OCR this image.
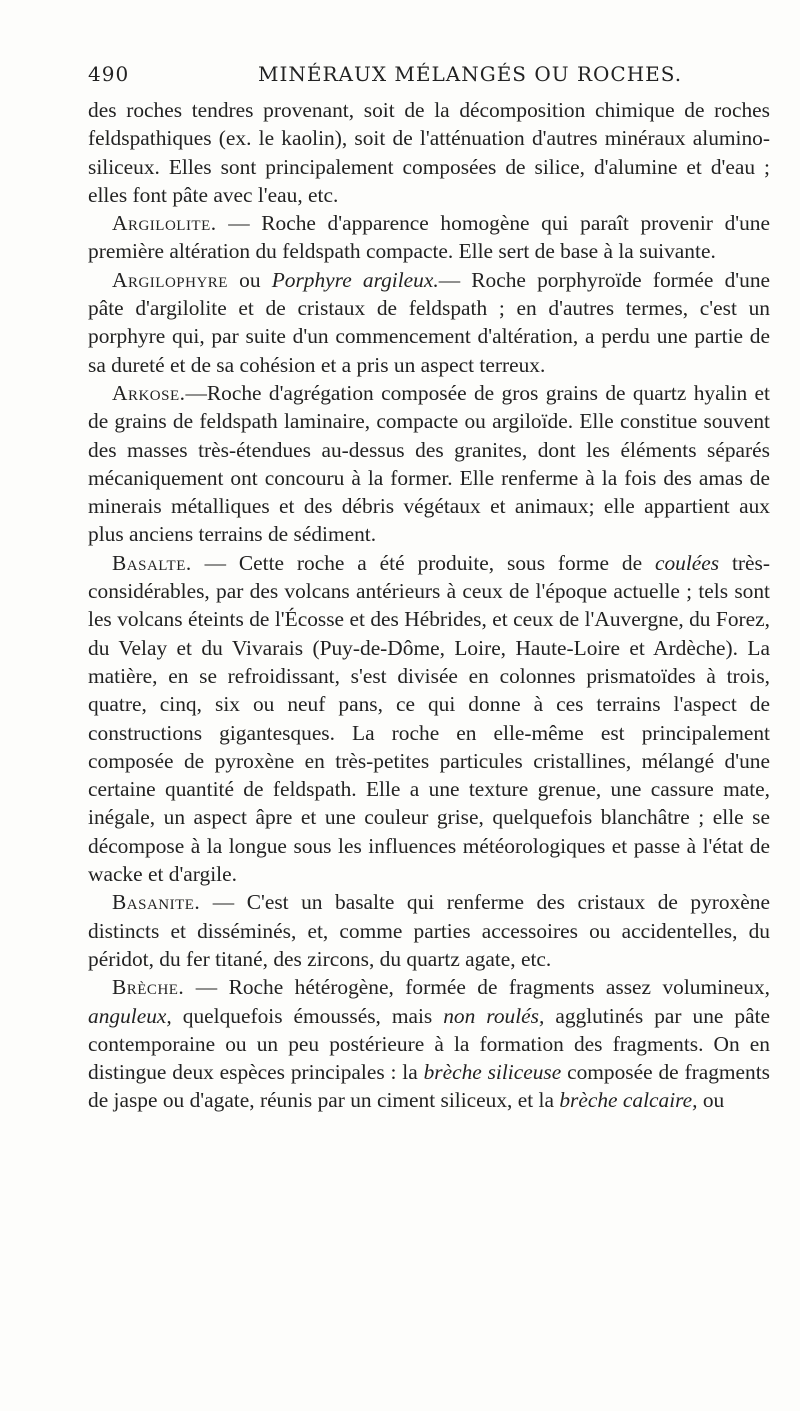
490	MINÉRAUX MÉLANGÉS OU ROCHES.

des roches tendres provenant, soit de la décomposition chimique de roches feldspathiques (ex. le kaolin), soit de l'atténuation d'autres minéraux alumino-siliceux. Elles sont principalement composées de silice, d'alumine et d'eau ; elles font pâte avec l'eau, etc.

Argilolite. — Roche d'apparence homogène qui paraît provenir d'une première altération du feldspath compacte. Elle sert de base à la suivante.

Argilophyre ou Porphyre argileux.— Roche porphyroïde formée d'une pâte d'argilolite et de cristaux de feldspath ; en d'autres termes, c'est un porphyre qui, par suite d'un commencement d'altération, a perdu une partie de sa dureté et de sa cohésion et a pris un aspect terreux.

Arkose.—Roche d'agrégation composée de gros grains de quartz hyalin et de grains de feldspath laminaire, compacte ou argiloïde. Elle constitue souvent des masses très-étendues au-dessus des granites, dont les éléments séparés mécaniquement ont concouru à la former. Elle renferme à la fois des amas de minerais métalliques et des débris végétaux et animaux; elle appartient aux plus anciens terrains de sédiment.

Basalte. — Cette roche a été produite, sous forme de coulées très-considérables, par des volcans antérieurs à ceux de l'époque actuelle ; tels sont les volcans éteints de l'Écosse et des Hébrides, et ceux de l'Auvergne, du Forez, du Velay et du Vivarais (Puy-de-Dôme, Loire, Haute-Loire et Ardèche). La matière, en se refroidissant, s'est divisée en colonnes prismatoïdes à trois, quatre, cinq, six ou neuf pans, ce qui donne à ces terrains l'aspect de constructions gigantesques. La roche en elle-même est principalement composée de pyroxène en très-petites particules cristallines, mélangé d'une certaine quantité de feldspath. Elle a une texture grenue, une cassure mate, inégale, un aspect âpre et une couleur grise, quelquefois blanchâtre ; elle se décompose à la longue sous les influences météorologiques et passe à l'état de wacke et d'argile.

Basanite. — C'est un basalte qui renferme des cristaux de pyroxène distincts et disséminés, et, comme parties accessoires ou accidentelles, du péridot, du fer titané, des zircons, du quartz agate, etc.

Brèche. — Roche hétérogène, formée de fragments assez volumineux, anguleux, quelquefois émoussés, mais non roulés, agglutinés par une pâte contemporaine ou un peu postérieure à la formation des fragments. On en distingue deux espèces principales : la brèche siliceuse composée de fragments de jaspe ou d'agate, réunis par un ciment siliceux, et la brèche calcaire, ou
